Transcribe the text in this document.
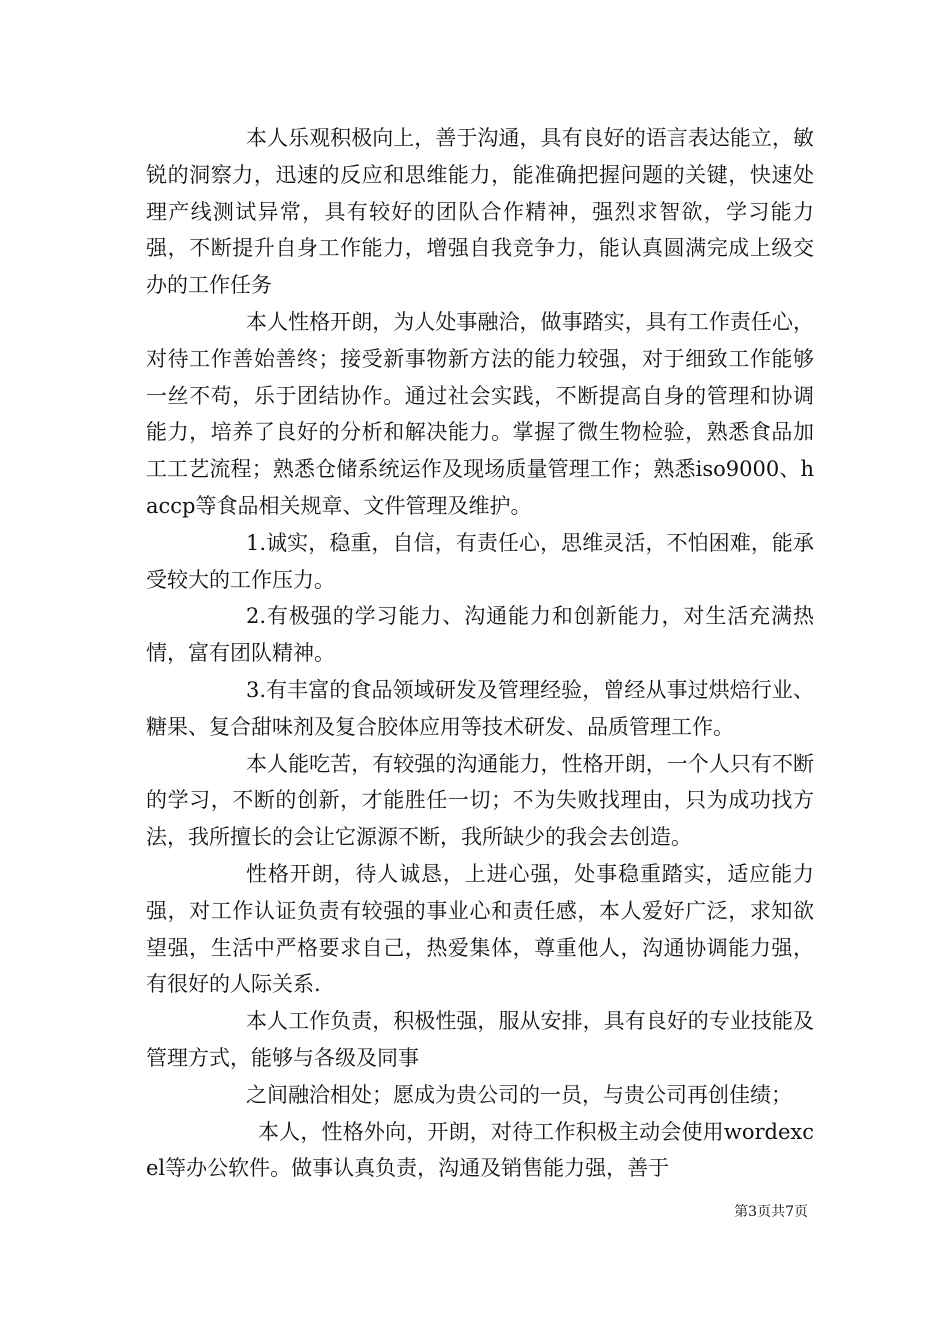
本人乐观积极向上，善于沟通，具有良好的语言表达能立，敏锐的洞察力，迅速的反应和思维能力，能准确把握问题的关键，快速处理产线测试异常，具有较好的团队合作精神，强烈求智欲，学习能力强，不断提升自身工作能力，增强自我竞争力，能认真圆满完成上级交办的工作任务

本人性格开朗，为人处事融洽，做事踏实，具有工作责任心，对待工作善始善终；接受新事物新方法的能力较强，对于细致工作能够一丝不苟，乐于团结协作。通过社会实践，不断提高自身的管理和协调能力，培养了良好的分析和解决能力。掌握了微生物检验，熟悉食品加工工艺流程；熟悉仓储系统运作及现场质量管理工作；熟悉iso9000、haccp等食品相关规章、文件管理及维护。

1.诚实，稳重，自信，有责任心，思维灵活，不怕困难，能承受较大的工作压力。

2.有极强的学习能力、沟通能力和创新能力，对生活充满热情，富有团队精神。

3.有丰富的食品领域研发及管理经验，曾经从事过烘焙行业、糖果、复合甜味剂及复合胶体应用等技术研发、品质管理工作。

本人能吃苦，有较强的沟通能力，性格开朗，一个人只有不断的学习，不断的创新，才能胜任一切；不为失败找理由，只为成功找方法，我所擅长的会让它源源不断，我所缺少的我会去创造。

性格开朗，待人诚恳，上进心强，处事稳重踏实，适应能力强，对工作认证负责有较强的事业心和责任感，本人爱好广泛，求知欲望强，生活中严格要求自己，热爱集体，尊重他人，沟通协调能力强，有很好的人际关系.

本人工作负责，积极性强，服从安排，具有良好的专业技能及管理方式，能够与各级及同事

之间融洽相处；愿成为贵公司的一员，与贵公司再创佳绩；

本人，性格外向，开朗，对待工作积极主动会使用wordexcel等办公软件。做事认真负责，沟通及销售能力强，善于

第3页共7页
